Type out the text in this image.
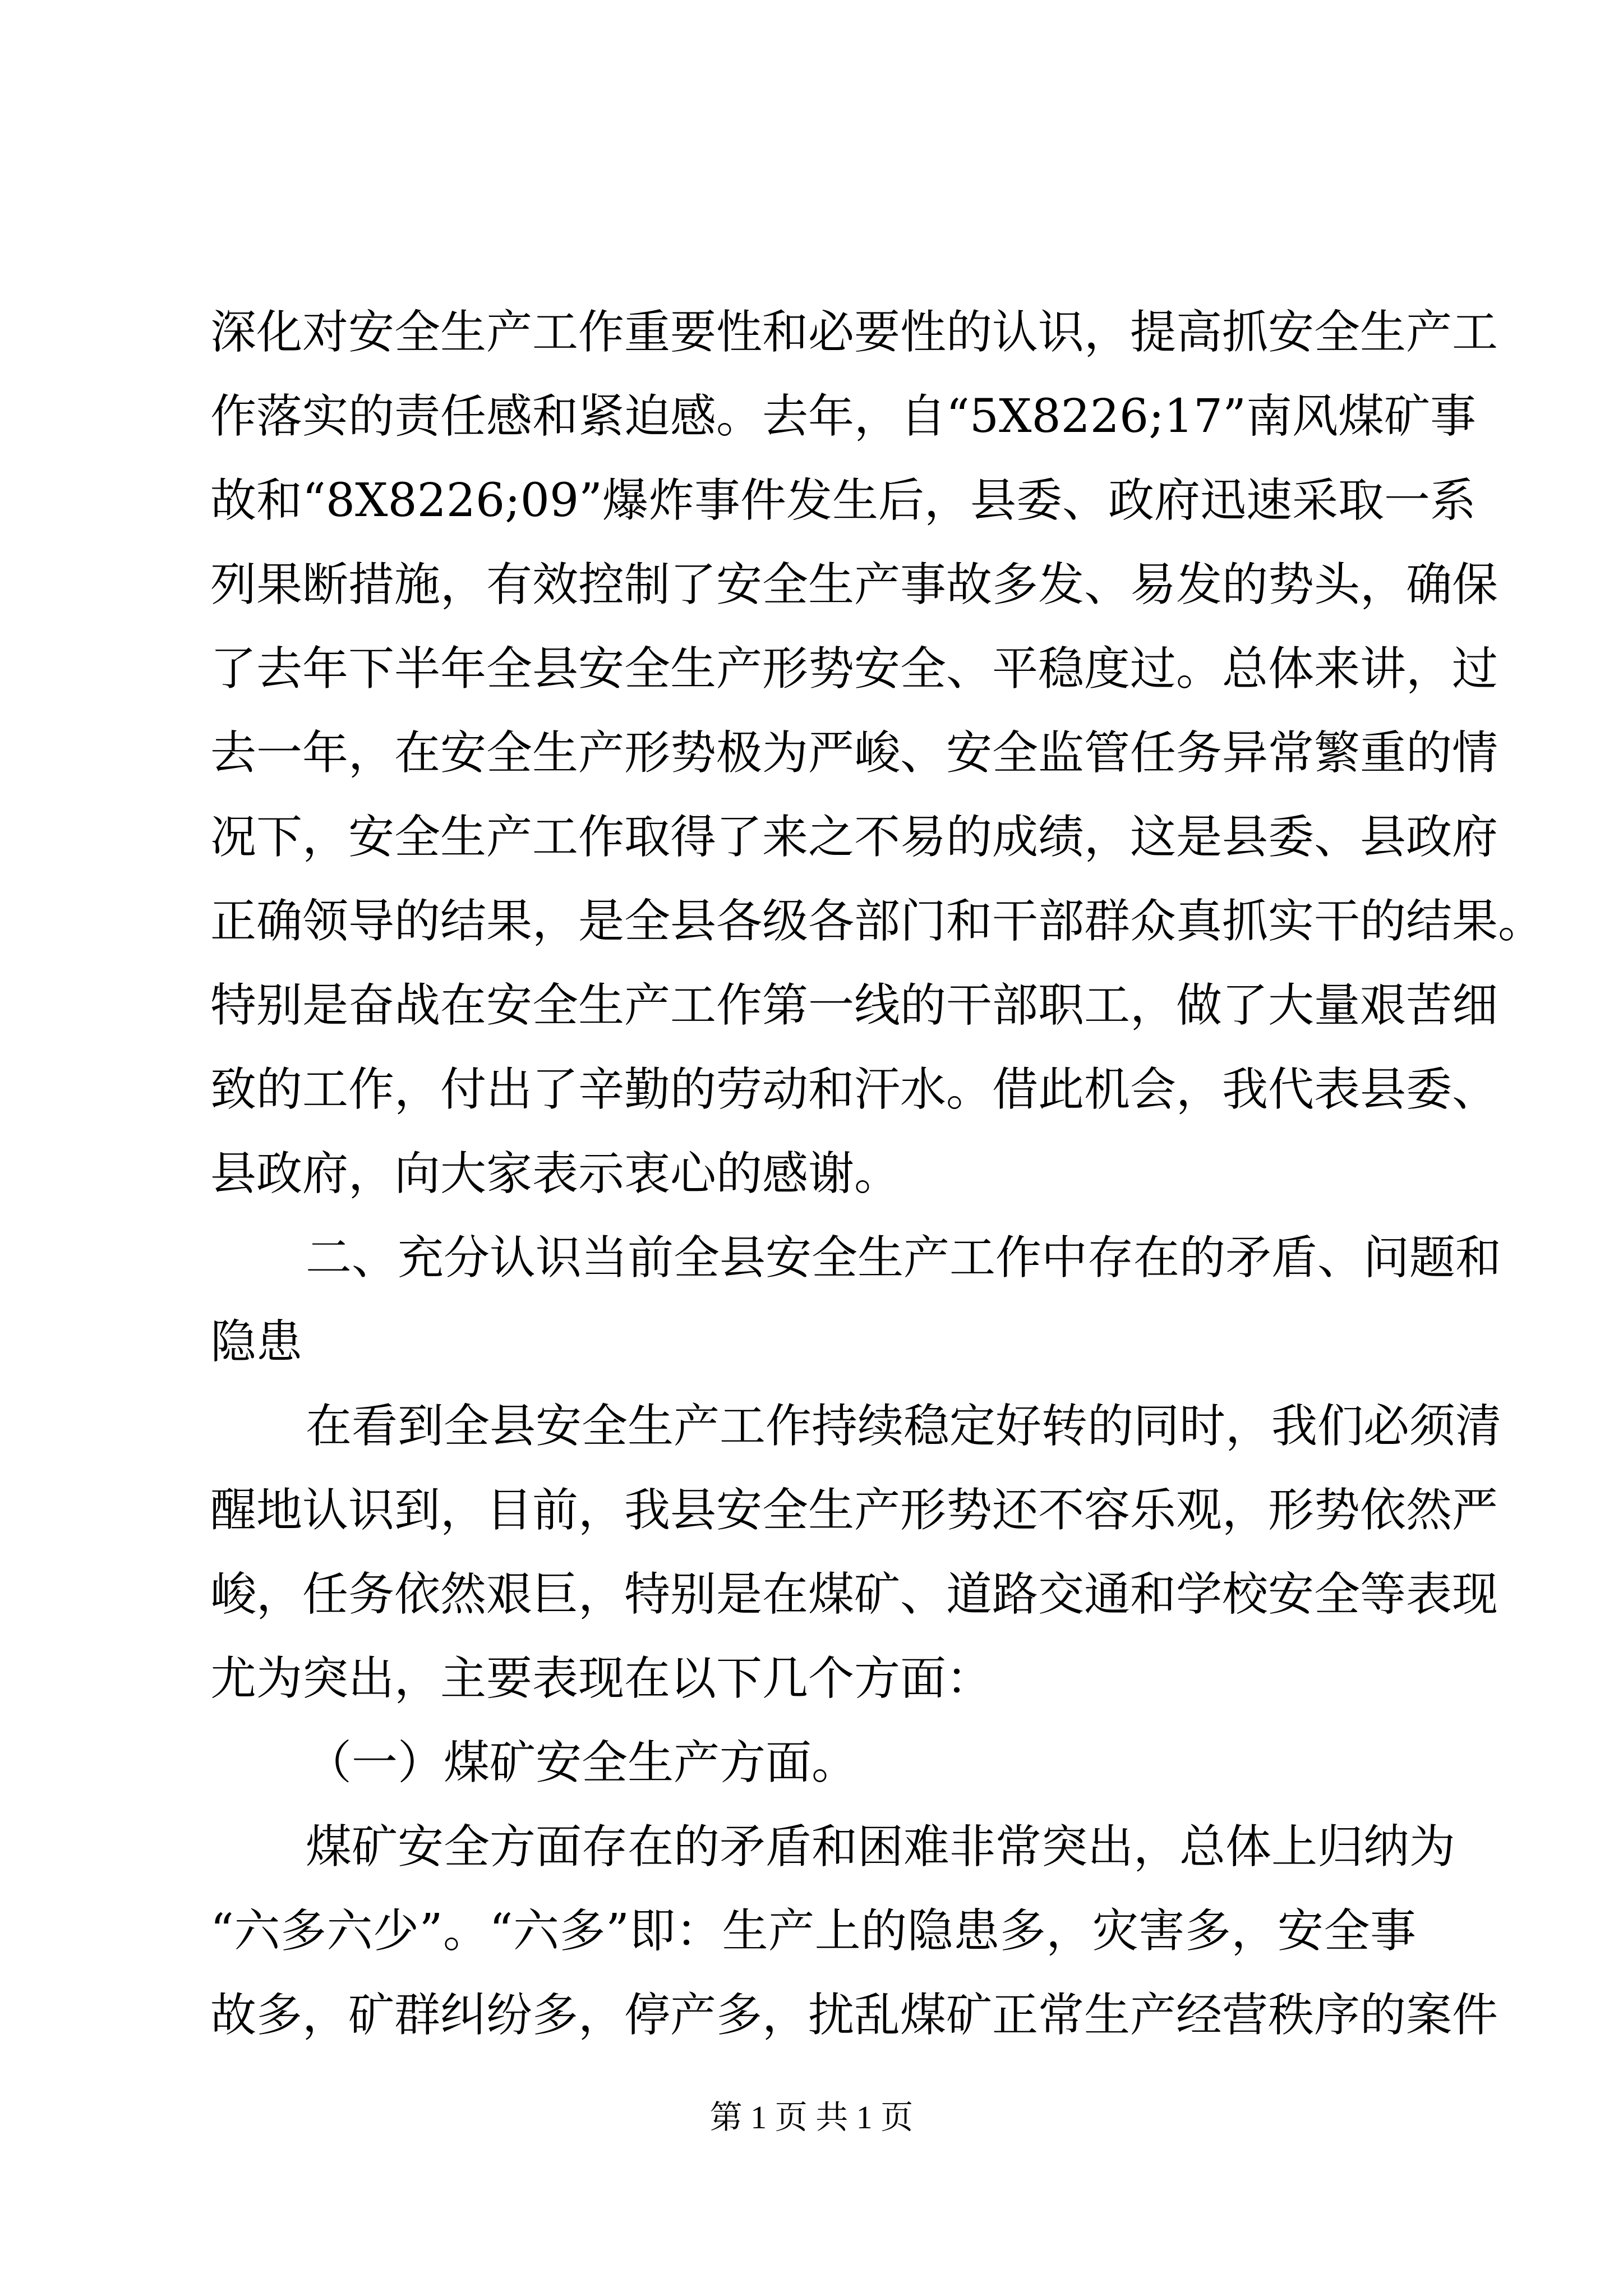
深化对安全生产工作重要性和必要性的认识，提高抓安全生产工
作落实的责任感和紧迫感。去年，自“5X8226;17”南风煤矿事
故和“8X8226;09”爆炸事件发生后，县委、政府迅速采取一系
列果断措施，有效控制了安全生产事故多发、易发的势头，确保
了去年下半年全县安全生产形势安全、平稳度过。总体来讲，过
去一年，在安全生产形势极为严峻、安全监管任务异常繁重的情
况下，安全生产工作取得了来之不易的成绩，这是县委、县政府
正确领导的结果，是全县各级各部门和干部群众真抓实干的结果。
特别是奋战在安全生产工作第一线的干部职工，做了大量艰苦细
致的工作，付出了辛勤的劳动和汗水。借此机会，我代表县委、
县政府，向大家表示衷心的感谢。
二、充分认识当前全县安全生产工作中存在的矛盾、问题和
隐患
在看到全县安全生产工作持续稳定好转的同时，我们必须清
醒地认识到，目前，我县安全生产形势还不容乐观，形势依然严
峻，任务依然艰巨，特别是在煤矿、道路交通和学校安全等表现
尤为突出，主要表现在以下几个方面：
（一）煤矿安全生产方面。
煤矿安全方面存在的矛盾和困难非常突出，总体上归纳为
“六多六少”。“六多”即：生产上的隐患多，灾害多，安全事
故多，矿群纠纷多，停产多，扰乱煤矿正常生产经营秩序的案件
第 1 页 共 1 页
